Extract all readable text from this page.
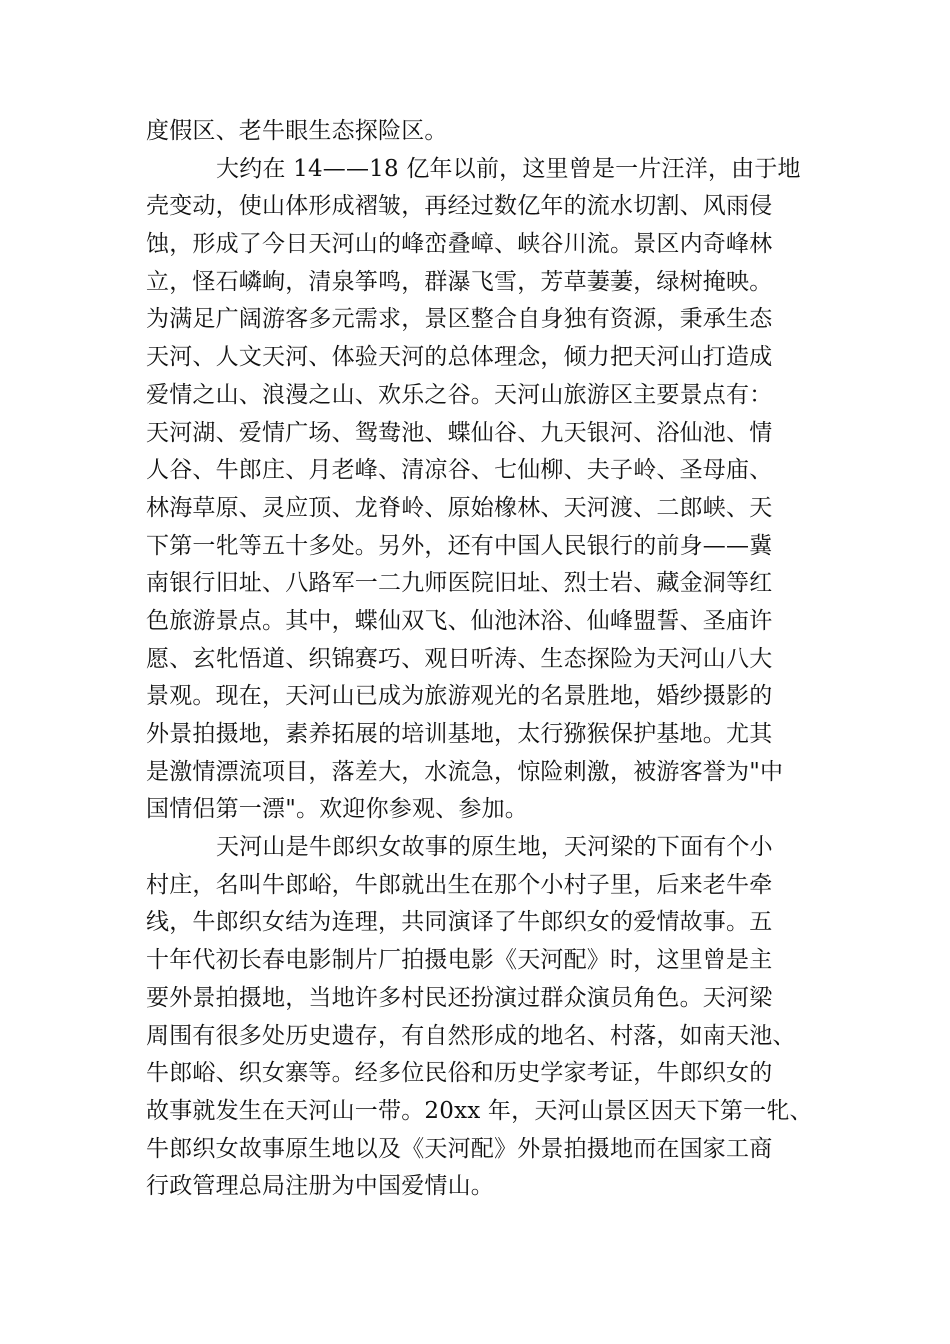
度假区、老牛眼生态探险区。
大约在 14——18 亿年以前，这里曾是一片汪洋，由于地
壳变动，使山体形成褶皱，再经过数亿年的流水切割、风雨侵
蚀，形成了今日天河山的峰峦叠嶂、峡谷川流。景区内奇峰林
立，怪石嶙峋，清泉筝鸣，群瀑飞雪，芳草萋萋，绿树掩映。
为满足广阔游客多元需求，景区整合自身独有资源，秉承生态
天河、人文天河、体验天河的总体理念，倾力把天河山打造成
爱情之山、浪漫之山、欢乐之谷。天河山旅游区主要景点有：
天河湖、爱情广场、鸳鸯池、蝶仙谷、九天银河、浴仙池、情
人谷、牛郎庄、月老峰、清凉谷、七仙柳、夫子岭、圣母庙、
林海草原、灵应顶、龙脊岭、原始橡林、天河渡、二郎峡、天
下第一牝等五十多处。另外，还有中国人民银行的前身——冀
南银行旧址、八路军一二九师医院旧址、烈士岩、藏金洞等红
色旅游景点。其中，蝶仙双飞、仙池沐浴、仙峰盟誓、圣庙许
愿、玄牝悟道、织锦赛巧、观日听涛、生态探险为天河山八大
景观。现在，天河山已成为旅游观光的名景胜地，婚纱摄影的
外景拍摄地，素养拓展的培训基地，太行猕猴保护基地。尤其
是激情漂流项目，落差大，水流急，惊险刺激，被游客誉为"中
国情侣第一漂"。欢迎你参观、参加。
天河山是牛郎织女故事的原生地，天河梁的下面有个小
村庄，名叫牛郎峪，牛郎就出生在那个小村子里，后来老牛牵
线，牛郎织女结为连理，共同演译了牛郎织女的爱情故事。五
十年代初长春电影制片厂拍摄电影《天河配》时，这里曾是主
要外景拍摄地，当地许多村民还扮演过群众演员角色。天河梁
周围有很多处历史遗存，有自然形成的地名、村落，如南天池、
牛郎峪、织女寨等。经多位民俗和历史学家考证，牛郎织女的
故事就发生在天河山一带。20xx 年，天河山景区因天下第一牝、
牛郎织女故事原生地以及《天河配》外景拍摄地而在国家工商
行政管理总局注册为中国爱情山。
